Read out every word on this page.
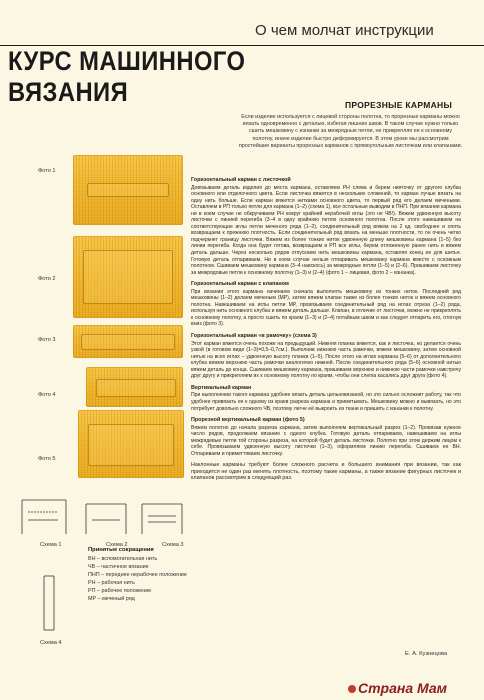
О чем молчат инструкции
КУРС МАШИННОГО
ВЯЗАНИЯ	ПРОРЕЗНЫЕ КАРМАНЫ
Если изделие используется с лицевой стороны полотна, то прорезные карманы можно вязать одновременно с деталью, избегая лишних швов. В таком случае нужно только сшить мешковину с изнанки за межрядные петли, не прикрепляя ее к основному полотну, иначе изделие быстро деформируется. В этом уроке мы рассмотрим простейшие варианты прорезных карманов с прямоугольным листочкам или клапанами.
Фото 1
Фото 2
Фото 3
Фото 4
Фото 5
Схема 1	Схема 2	Схема 3
Схема 4
Принятые сокращения
ВН – вспомогательная нить
ЧВ – частичное вязание
ПНП – переднее нерабочее положение
РН – рабочая нить
РП – рабочее положение
МР – меченый ряд
Горизонтальный карман с листочкой
Довязываем деталь изделия до места кармана, оставляем РН слева и берем нияточку от другого клубка основного или отделочного цвета. Если листочка вяжется в нескольких сложений, то карман лучше вязать на одну нить больше. Если карман вяжется нитками основного цвета, то первый ряд его делаем мечеными. Оставляем в РП только петли для кармана (1–2) (схема 1), все остальные выводим в ПНП. При вязании кармана ни в коем случае не обкручиваем РН вокруг крайней нерабочей иглы (это не ЧВ!). Вяжем удвоенную высоту листочки с линией перегиба (3–4 в одну крайнюю петлю основного полотна. После этого навешиваем на соответствующие иглы петли меченого ряда (1–2), соединительный ряд вяжем на 2 кд. свободнее и опять возвращаем к прежнюю плотность. Если соединительный ряд вязать на меньше плотности, то он очень четко подчеркнет границу листочки. Вяжем из более тонких ниток удвоенную длину мешковины кармана (1–5) без линии перегиба. Когда она будет готова, возвращаем в РП все иглы, берем отложенную ранее нить и вяжем деталь дальше. Через несколько рядов отпускаем нить мешковины кармана, оставляя конец ее для шитья. Готовую деталь отпариваем. Ни в коем случае нельзя отпаривать мешковину кармана вместе с основным полотном. Сшиваем мешковину кармана (3–4 наискось) за межрядные петли (1–5) и (2–6). Пришиваем листочку за межрядовые петли к основному полотну (1–3) и (2–4) (фото 1 – лицевая, фото 2 – изнанка).
Горизонтальный карман с клапаном
При вязании этого кармана начинаем сначала выполнять мешковину из тонких ниток. Последний ряд мешковины (1–2) делаем меченым (МР), затем вяжем клапан также из более тонких ниток и вяжем основного полотна. Навешиваем на иглы петли МР, провязываем соединительный ряд на иглах отреза (1–2) ряда, используя нить основного клубка и вяжем деталь дальше. Клапан, в отличие от листочки, можно не прикреплять к основному полотну, а просто сшить по краям (1–3) и (2–4) потайным швом и как следует отпарить его, отогнув вниз (фото 3).
Горизонтальный карман «в рамочку» (схема 3)
Этот карман вяжется очень похоже на предыдущий. Нижняя планка вяжется, как и листочка, но делается очень узкой (в готовом виде (1–3)=0,5–0,7см.). Выполнив нижнюю часть рамочки, вяжем мешковину, затем основной нитью на всех иглах – удвоенную высоту планки (1–5). После этого на иглах кармана (5–6) от дополнительного клубка вяжем верхнюю часть рамочки аналогично нижней. После соединительного ряда (5–6) основной нитью вяжем деталь до конца. Сшиваем мешковину кармана, пришиваем верхнюю и нижнюю части рамочки навстречу друг другу и прикрепляем их к основному полотну по краям, чтобы они слегка касались друг друга (фото 4).
Вертикальный карман
При выполнении такого кармана удобнее вязать деталь цельновязаной, но это сильно осложнит работу, так что удобнее привязать ее к одному из краев разреза кармана и приметывать. Мешковину можно и вывязать, но это потребует довольно сложного ЧВ, поэтому легче её выкроить из ткани и пришить с изнанки к полотну.
Прорезной вертикальный карман (фото 5)
Вяжем полотно до начала разреза кармана, затем выполняем вертикальный разрез (1–2). Провязав нужное число рядов, продолжаем вязание с одного клубка. Готовую деталь отпариваем, навешиваем на иглы межрядевые петли той стороны разреза, на которой будет деталь листочки. Полотно при этом держим лицом к себе. Провязываем удвоенную высоту листочки (1–3), оформляем линию перегиба. Сшиваем ее ВН. Отпариваем и приметтяваем листочку.
Наклонные карманы требуют более сложного расчета и большего внимания при вязании, так как приходится не один раз менять плотность, поэтому такие карманы, а также вязание фигурных листочек и клапанов рассмотрим в следующий раз.
Е. А. Кузнецова
Страна Мам
